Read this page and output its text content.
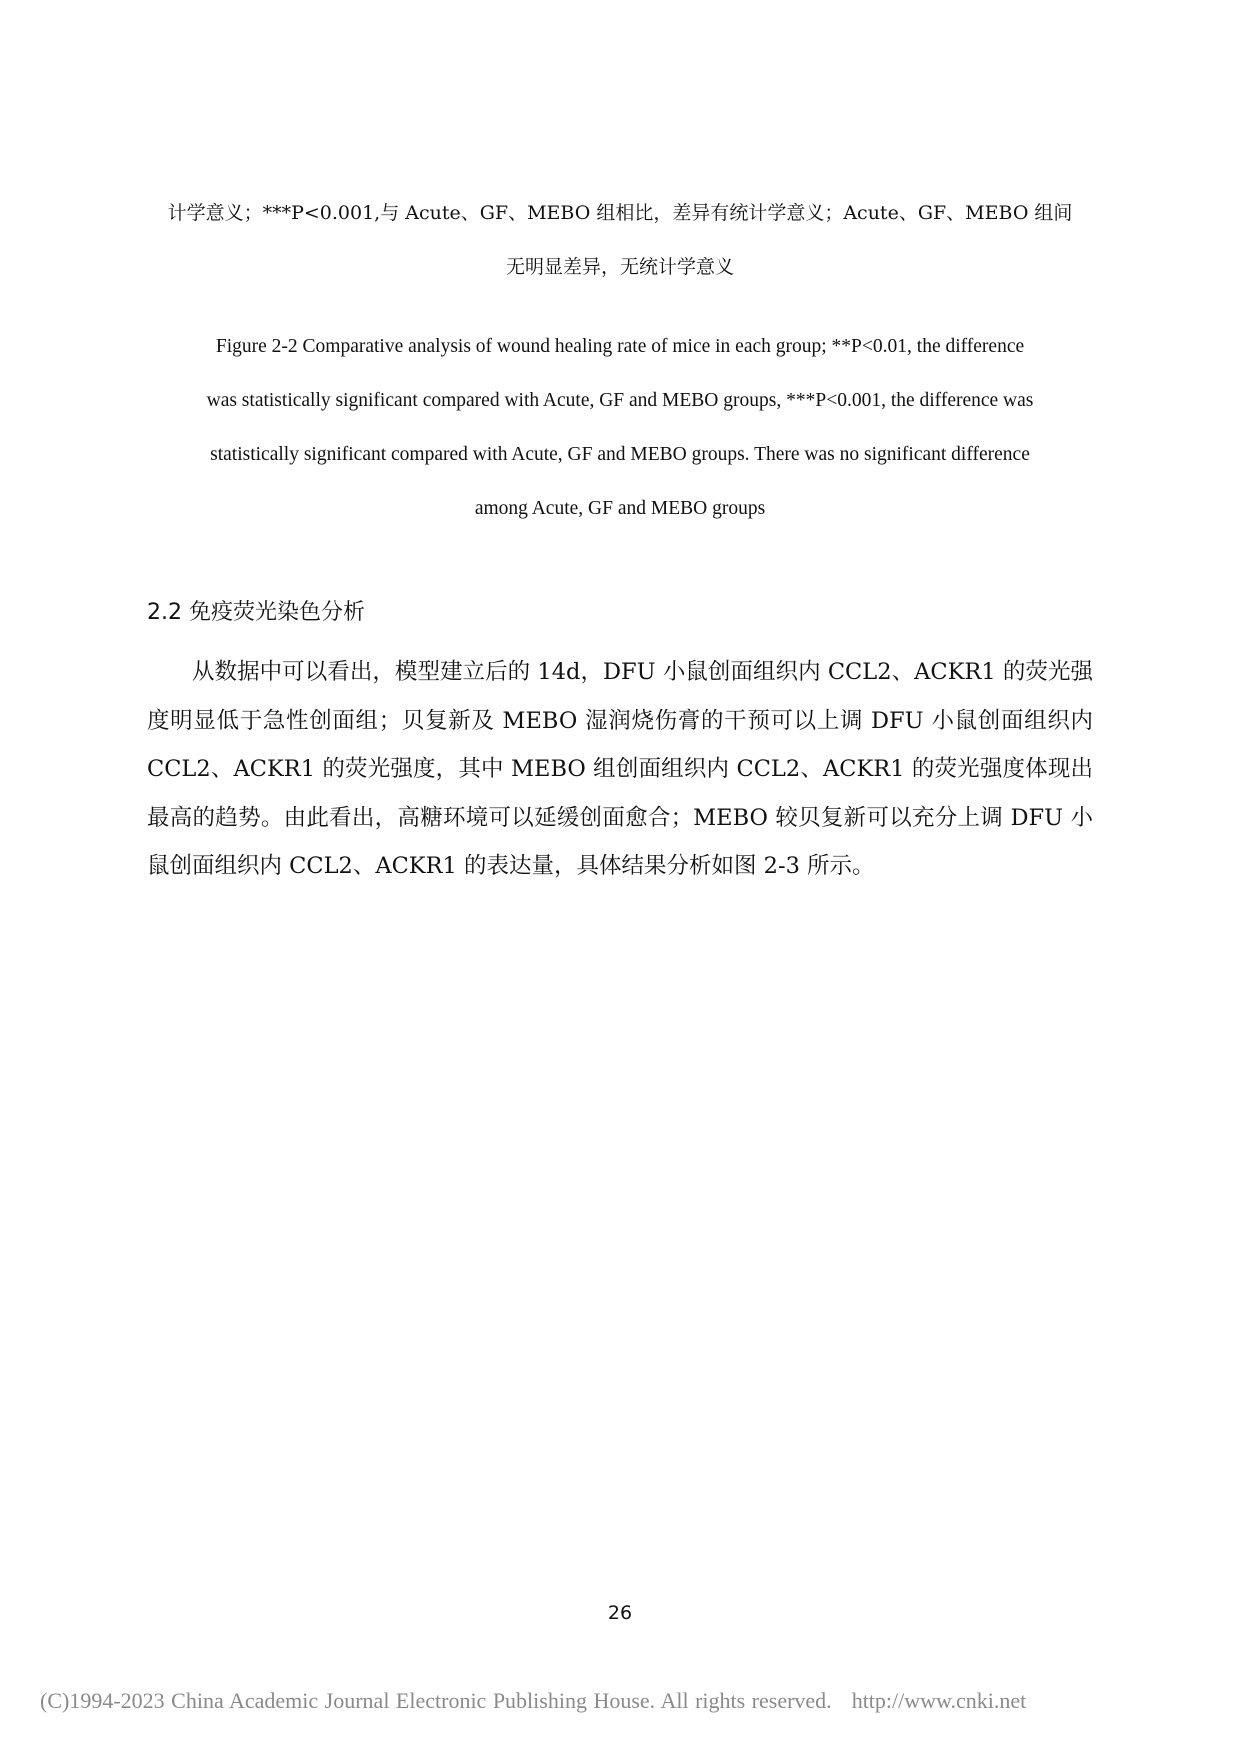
计学意义；***P<0.001,与 Acute、GF、MEBO 组相比，差异有统计学意义；Acute、GF、MEBO 组间
无明显差异，无统计学意义
Figure 2-2 Comparative analysis of wound healing rate of mice in each group; **P<0.01, the difference
was statistically significant compared with Acute, GF and MEBO groups, ***P<0.001, the difference was
statistically significant compared with Acute, GF and MEBO groups. There was no significant difference
among Acute, GF and MEBO groups
2.2 免疫荧光染色分析
从数据中可以看出，模型建立后的 14d，DFU 小鼠创面组织内 CCL2、ACKR1 的荧光强度明显低于急性创面组；贝复新及 MEBO 湿润烧伤膏的干预可以上调 DFU 小鼠创面组织内 CCL2、ACKR1 的荧光强度，其中 MEBO 组创面组织内 CCL2、ACKR1 的荧光强度体现出最高的趋势。由此看出，高糖环境可以延缓创面愈合；MEBO 较贝复新可以充分上调 DFU 小鼠创面组织内 CCL2、ACKR1 的表达量，具体结果分析如图 2-3 所示。
26
(C)1994-2023 China Academic Journal Electronic Publishing House. All rights reserved. http://www.cnki.net
